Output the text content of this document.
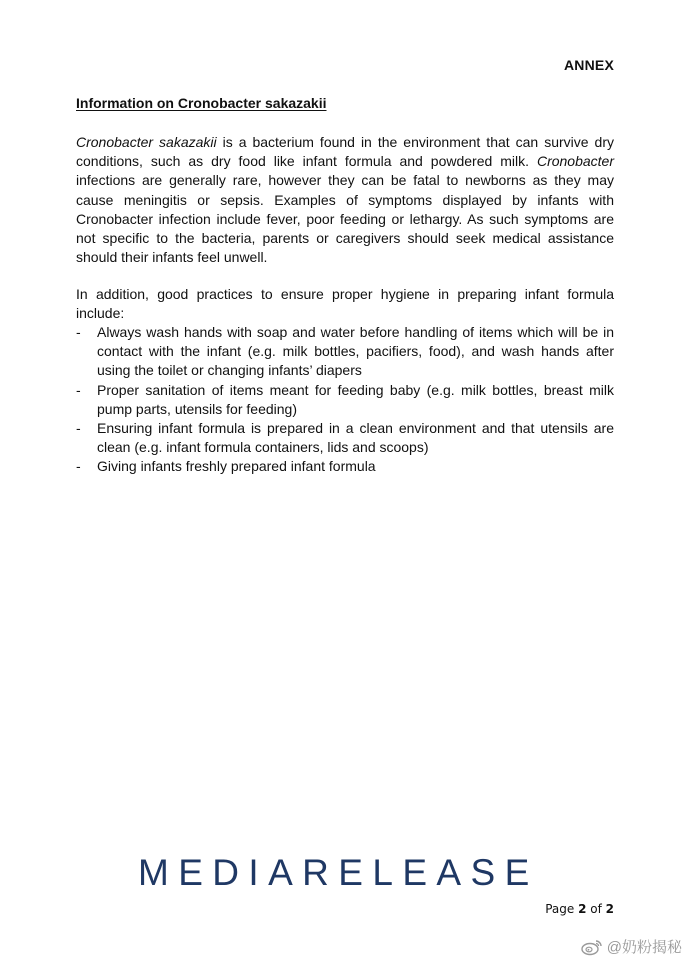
ANNEX
Information on Cronobacter sakazakii

Cronobacter sakazakii is a bacterium found in the environment that can survive dry conditions, such as dry food like infant formula and powdered milk. Cronobacter infections are generally rare, however they can be fatal to newborns as they may cause meningitis or sepsis. Examples of symptoms displayed by infants with Cronobacter infection include fever, poor feeding or lethargy. As such symptoms are not specific to the bacteria, parents or caregivers should seek medical assistance should their infants feel unwell.

In addition, good practices to ensure proper hygiene in preparing infant formula include:

- Always wash hands with soap and water before handling of items which will be in contact with the infant (e.g. milk bottles, pacifiers, food), and wash hands after using the toilet or changing infants’ diapers
- Proper sanitation of items meant for feeding baby (e.g. milk bottles, breast milk pump parts, utensils for feeding)
- Ensuring infant formula is prepared in a clean environment and that utensils are clean (e.g. infant formula containers, lids and scoops)
- Giving infants freshly prepared infant formula
MEDIARELEASE
Page 2 of 2
@奶粉揭秘
